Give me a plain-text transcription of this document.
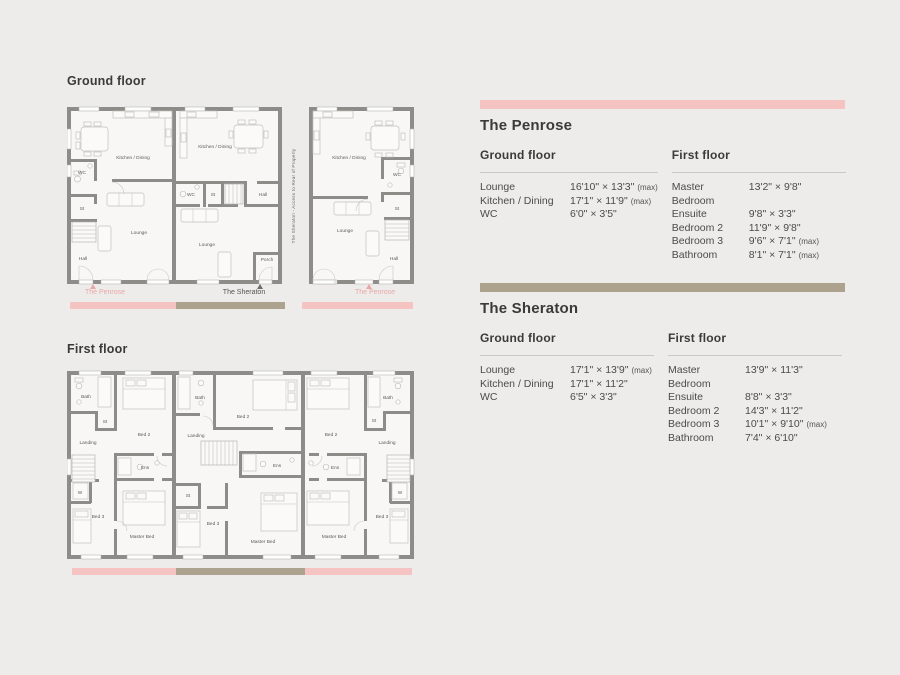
Ground floor
Kitchen / Dining
WC
St
Lounge
Hall
Kitchen / Dining
WC	St	Hall
Lounge
Porch
Kitchen / Dining
WC
St
Lounge
Hall
The Sheraton - Access to Rear of Property
The Penrose	The Sheraton	The Penrose
First floor
Bath
St
Bed 2
Landing
Ens
W
Bed 3
Master Bed
Bath
Bed 2
Landing
Ens
St
Bed 3
Master Bed
Bed 2
Bath
St
Landing
Ens
W
Bed 3
Master Bed
The Penrose
Ground floor
Lounge	16'10" × 13'3" (max)
Kitchen / Dining	17'1" × 11'9" (max)
WC	6'0" × 3'5"
First floor
Master Bedroom
13'2" × 9'8"
Ensuite	9'8" × 3'3"
Bedroom 2	11'9" × 9'8"
Bedroom 3	9'6" × 7'1" (max)
Bathroom	8'1" × 7'1" (max)
The Sheraton
Ground floor
Lounge	17'1" × 13'9" (max)
Kitchen / Dining	17'1" × 11'2"
WC	6'5" × 3'3"
First floor
Master Bedroom
13'9" × 11'3"
Ensuite	8'8" × 3'3"
Bedroom 2	14'3" × 11'2"
Bedroom 3	10'1" × 9'10" (max)
Bathroom	7'4" × 6'10"
